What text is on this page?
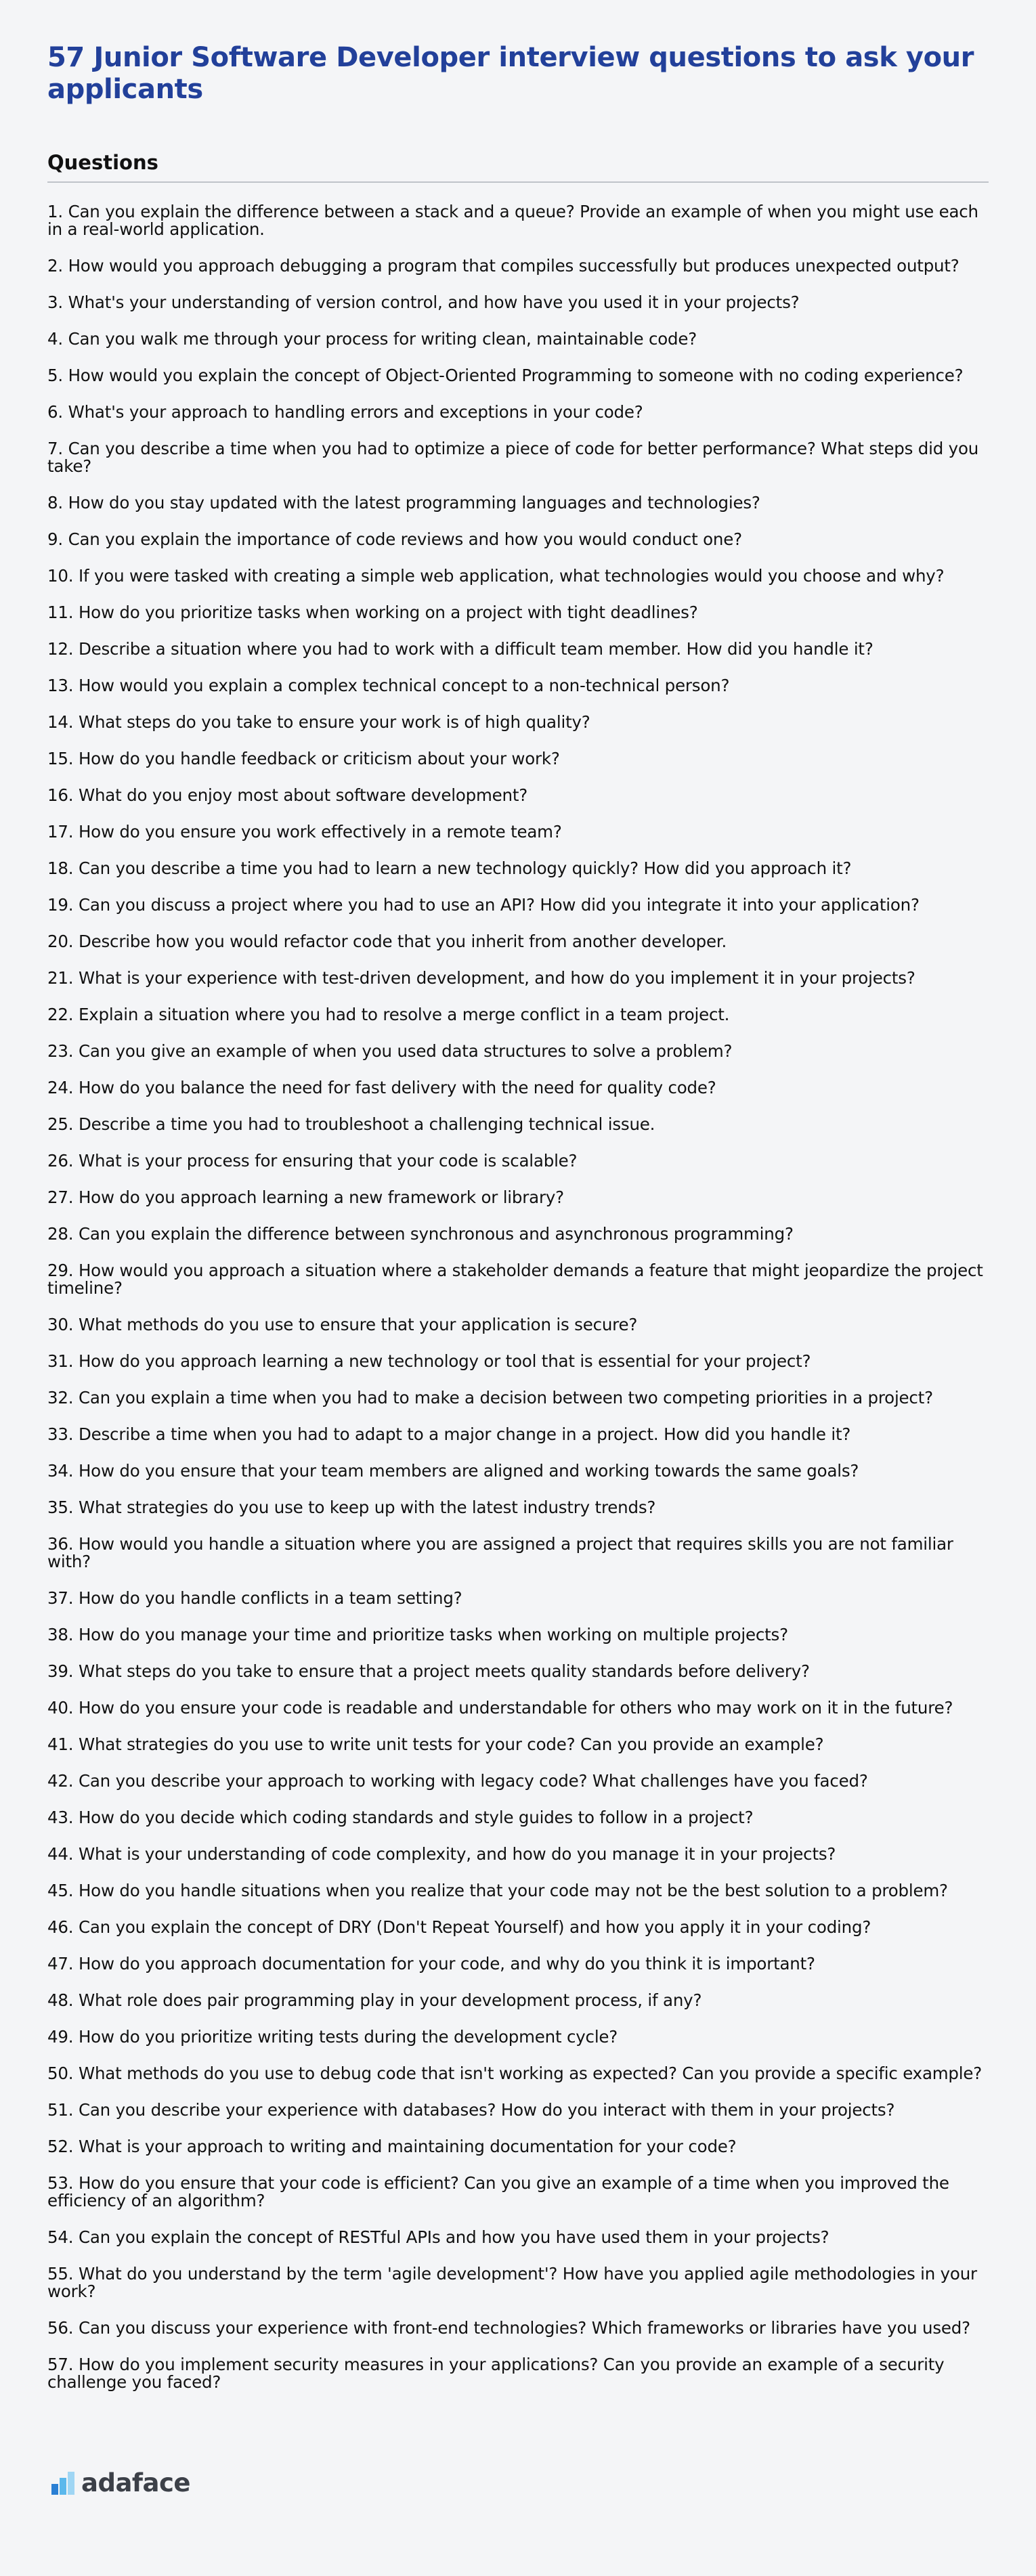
57 Junior Software Developer interview questions to ask your applicants
Questions
1. Can you explain the difference between a stack and a queue? Provide an example of when you might use each in a real-world application.
2. How would you approach debugging a program that compiles successfully but produces unexpected output?
3. What's your understanding of version control, and how have you used it in your projects?
4. Can you walk me through your process for writing clean, maintainable code?
5. How would you explain the concept of Object-Oriented Programming to someone with no coding experience?
6. What's your approach to handling errors and exceptions in your code?
7. Can you describe a time when you had to optimize a piece of code for better performance? What steps did you take?
8. How do you stay updated with the latest programming languages and technologies?
9. Can you explain the importance of code reviews and how you would conduct one?
10. If you were tasked with creating a simple web application, what technologies would you choose and why?
11. How do you prioritize tasks when working on a project with tight deadlines?
12. Describe a situation where you had to work with a difficult team member. How did you handle it?
13. How would you explain a complex technical concept to a non-technical person?
14. What steps do you take to ensure your work is of high quality?
15. How do you handle feedback or criticism about your work?
16. What do you enjoy most about software development?
17. How do you ensure you work effectively in a remote team?
18. Can you describe a time you had to learn a new technology quickly? How did you approach it?
19. Can you discuss a project where you had to use an API? How did you integrate it into your application?
20. Describe how you would refactor code that you inherit from another developer.
21. What is your experience with test-driven development, and how do you implement it in your projects?
22. Explain a situation where you had to resolve a merge conflict in a team project.
23. Can you give an example of when you used data structures to solve a problem?
24. How do you balance the need for fast delivery with the need for quality code?
25. Describe a time you had to troubleshoot a challenging technical issue.
26. What is your process for ensuring that your code is scalable?
27. How do you approach learning a new framework or library?
28. Can you explain the difference between synchronous and asynchronous programming?
29. How would you approach a situation where a stakeholder demands a feature that might jeopardize the project timeline?
30. What methods do you use to ensure that your application is secure?
31. How do you approach learning a new technology or tool that is essential for your project?
32. Can you explain a time when you had to make a decision between two competing priorities in a project?
33. Describe a time when you had to adapt to a major change in a project. How did you handle it?
34. How do you ensure that your team members are aligned and working towards the same goals?
35. What strategies do you use to keep up with the latest industry trends?
36. How would you handle a situation where you are assigned a project that requires skills you are not familiar with?
37. How do you handle conflicts in a team setting?
38. How do you manage your time and prioritize tasks when working on multiple projects?
39. What steps do you take to ensure that a project meets quality standards before delivery?
40. How do you ensure your code is readable and understandable for others who may work on it in the future?
41. What strategies do you use to write unit tests for your code? Can you provide an example?
42. Can you describe your approach to working with legacy code? What challenges have you faced?
43. How do you decide which coding standards and style guides to follow in a project?
44. What is your understanding of code complexity, and how do you manage it in your projects?
45. How do you handle situations when you realize that your code may not be the best solution to a problem?
46. Can you explain the concept of DRY (Don't Repeat Yourself) and how you apply it in your coding?
47. How do you approach documentation for your code, and why do you think it is important?
48. What role does pair programming play in your development process, if any?
49. How do you prioritize writing tests during the development cycle?
50. What methods do you use to debug code that isn't working as expected? Can you provide a specific example?
51. Can you describe your experience with databases? How do you interact with them in your projects?
52. What is your approach to writing and maintaining documentation for your code?
53. How do you ensure that your code is efficient? Can you give an example of a time when you improved the efficiency of an algorithm?
54. Can you explain the concept of RESTful APIs and how you have used them in your projects?
55. What do you understand by the term 'agile development'? How have you applied agile methodologies in your work?
56. Can you discuss your experience with front-end technologies? Which frameworks or libraries have you used?
57. How do you implement security measures in your applications? Can you provide an example of a security challenge you faced?
adaface
